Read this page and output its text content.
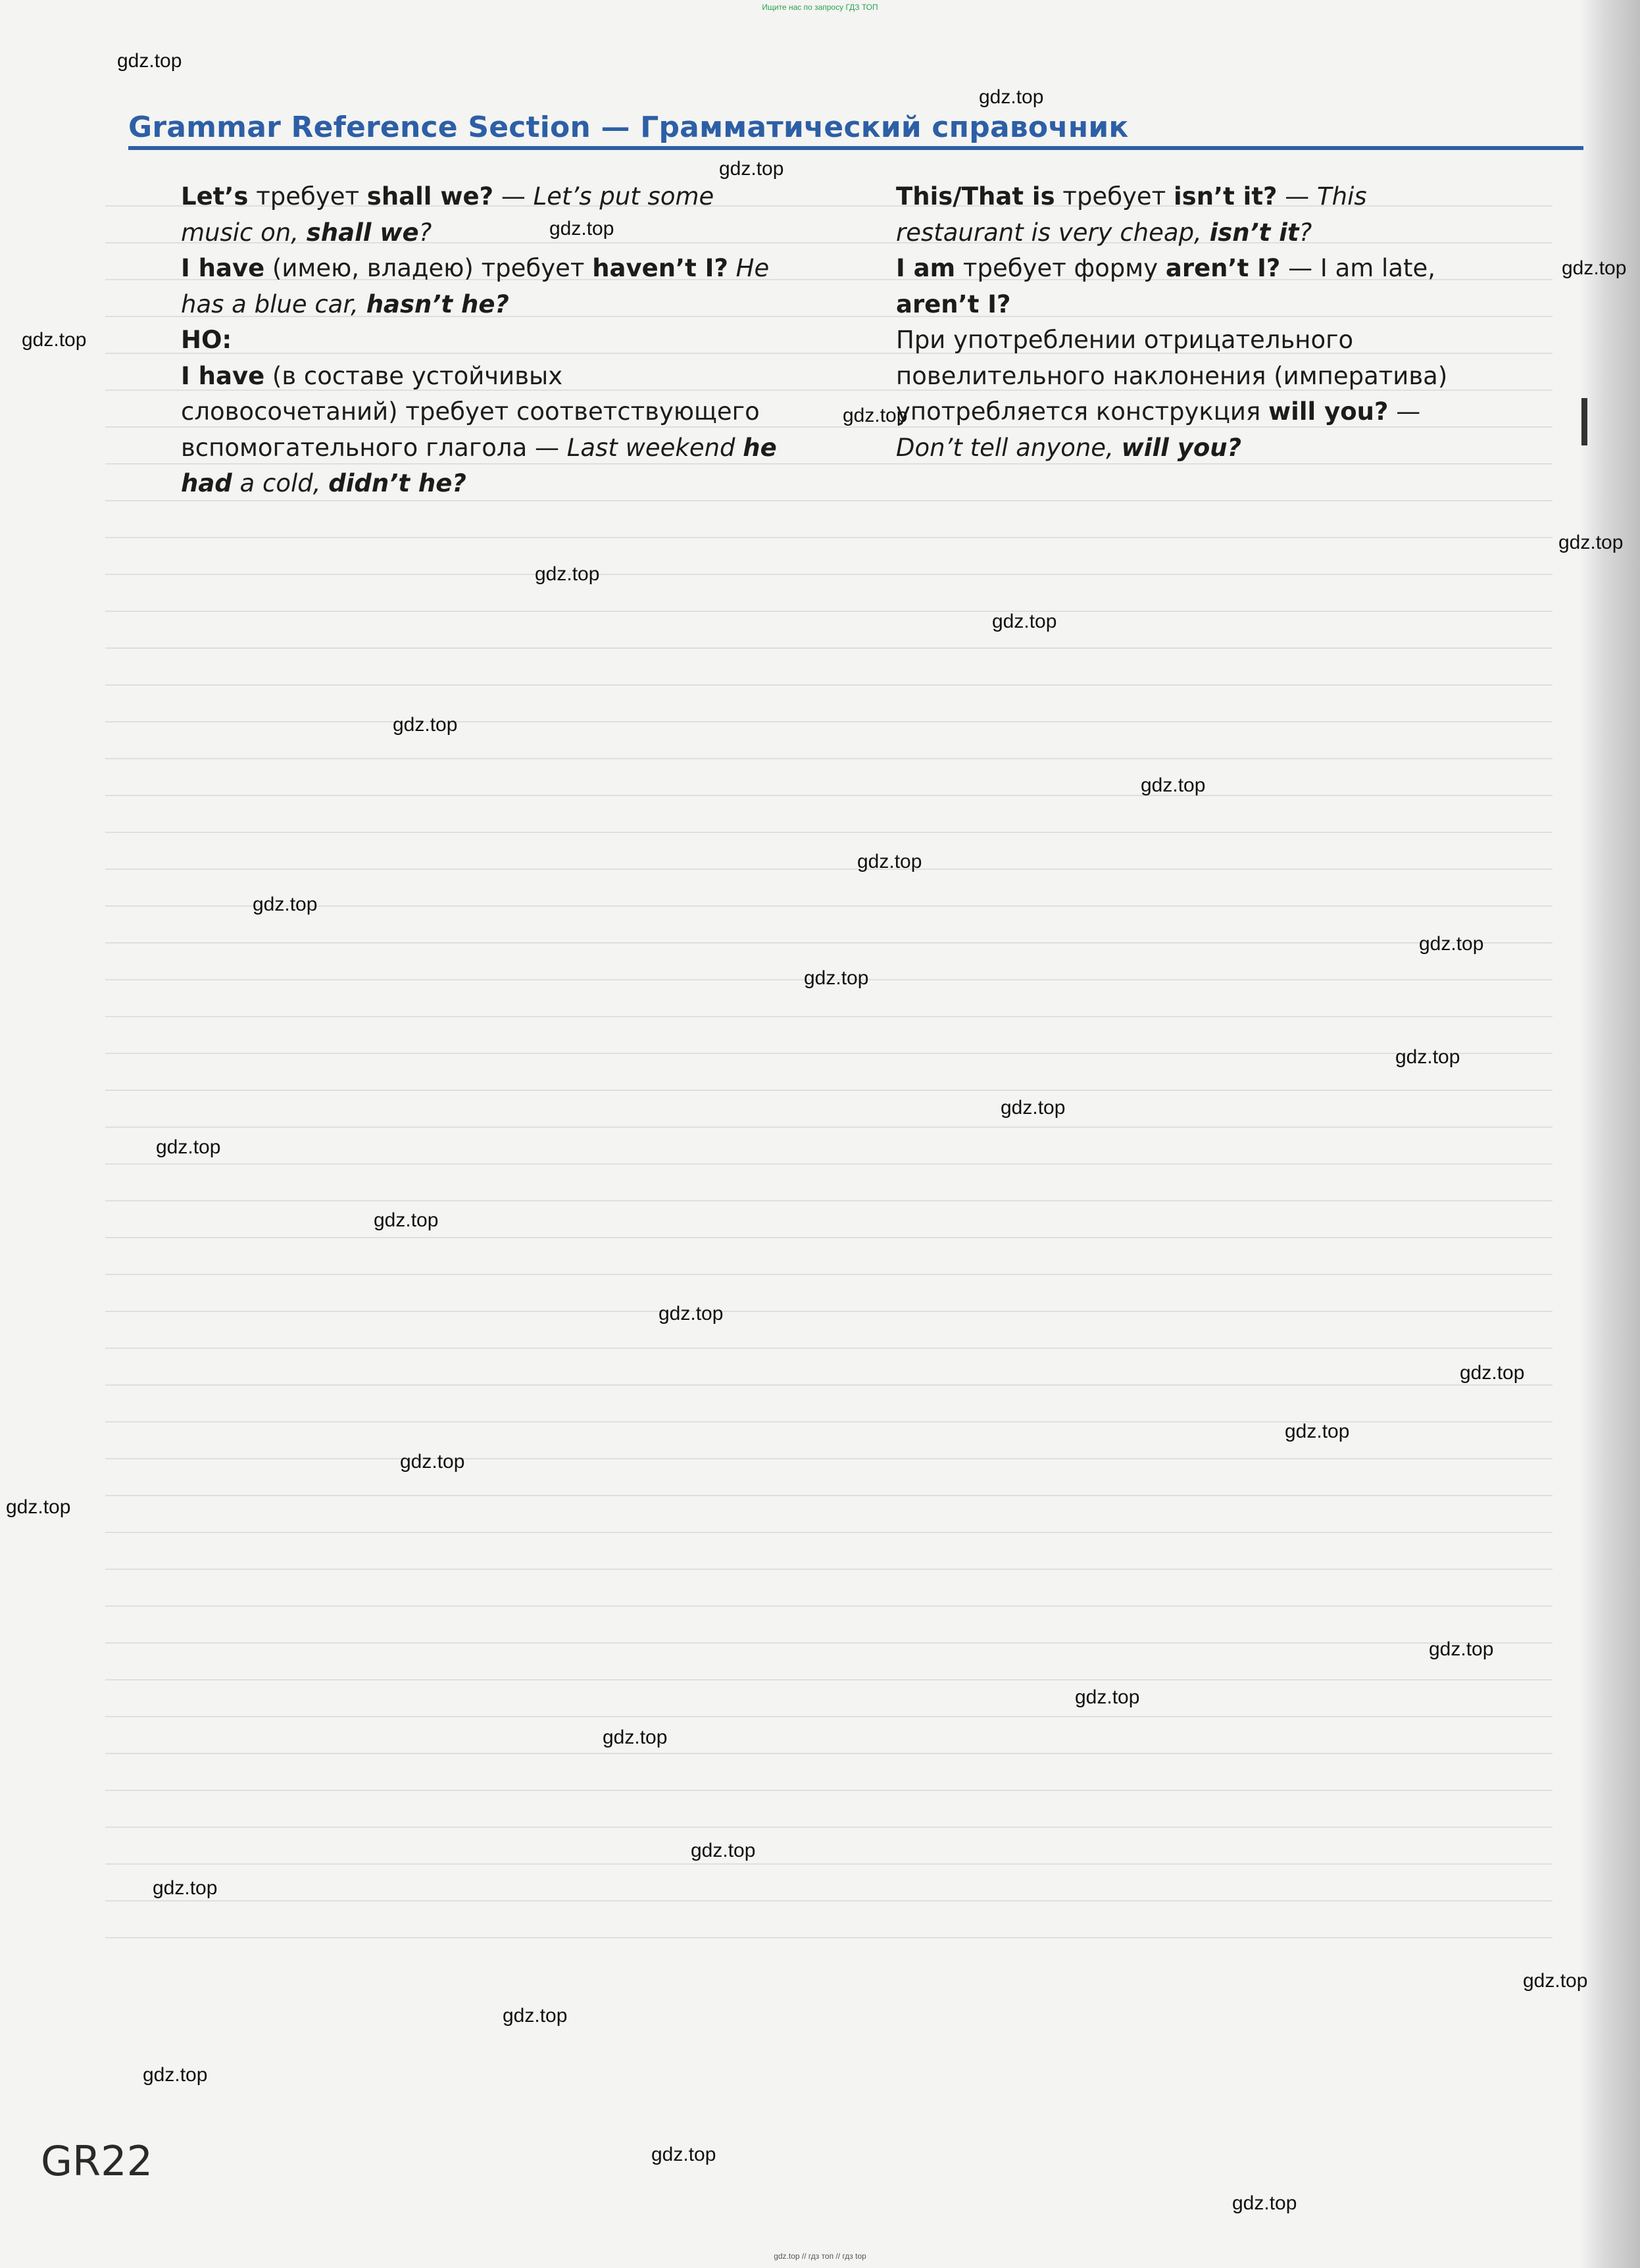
Ищите нас по запросу ГДЗ ТОП
Grammar Reference Section — Грамматический справочник

Let’s требует shall we? — Let’s put some music on, shall we?

I have (имею, владею) требует haven’t I? He has a blue car, hasn’t he?

НО:

I have (в составе устойчивых словосочетаний) требует соответствующего вспомогательного глагола — Last weekend he had a cold, didn’t he?

This/That is требует isn’t it? — This restaurant is very cheap, isn’t it?

I am требует форму aren’t I? — I am late, aren’t I?

При употреблении отрицательного повелительного наклонения (императива) употребляется конструкция will you? — Don’t tell anyone, will you?

GR22
gdz.top
gdz.top
gdz.top
gdz.top
gdz.top
gdz.top
gdz.top
gdz.top
gdz.top
gdz.top
gdz.top
gdz.top
gdz.top
gdz.top
gdz.top
gdz.top
gdz.top
gdz.top
gdz.top
gdz.top
gdz.top
gdz.top
gdz.top
gdz.top
gdz.top
gdz.top
gdz.top
gdz.top
gdz.top
gdz.top
gdz.top
gdz.top
gdz.top
gdz.top
gdz.top
gdz.top // гдз топ // гдз top
